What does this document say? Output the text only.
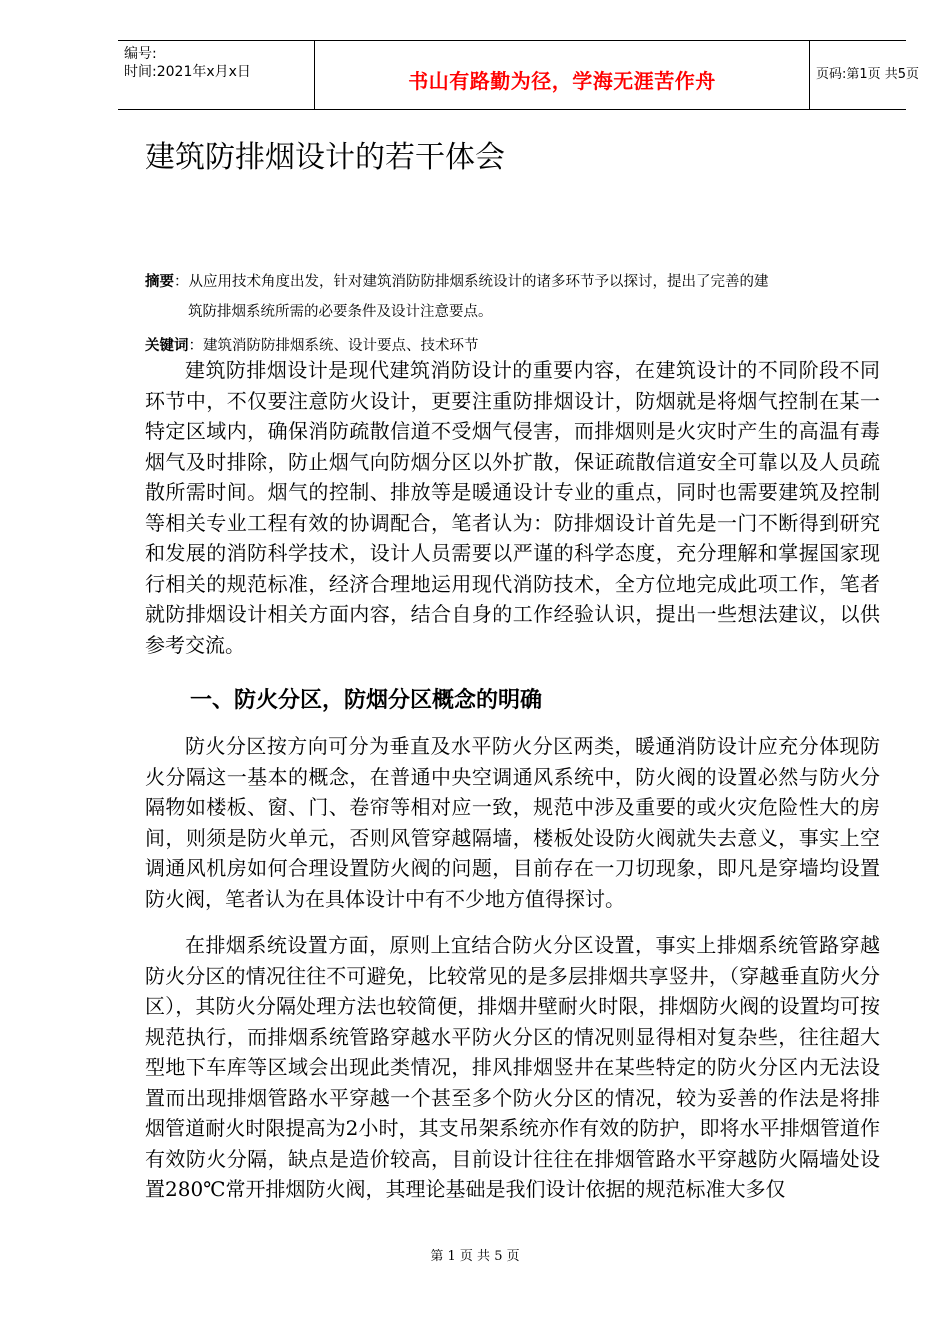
编号:
时间:2021年x月x日	书山有路勤为径，学海无涯苦作舟	页码:第1页 共5页
建筑防排烟设计的若干体会
摘要：从应用技术角度出发，针对建筑消防防排烟系统设计的诸多环节予以探讨，提出了完善的建
筑防排烟系统所需的必要条件及设计注意要点。
关键词：建筑消防防排烟系统、设计要点、技术环节

建筑防排烟设计是现代建筑消防设计的重要内容，在建筑设计的不同阶段不同环节中，不仅要注意防火设计，更要注重防排烟设计，防烟就是将烟气控制在某一特定区域内，确保消防疏散信道不受烟气侵害，而排烟则是火灾时产生的高温有毒烟气及时排除，防止烟气向防烟分区以外扩散，保证疏散信道安全可靠以及人员疏散所需时间。烟气的控制、排放等是暖通设计专业的重点，同时也需要建筑及控制等相关专业工程有效的协调配合，笔者认为：防排烟设计首先是一门不断得到研究和发展的消防科学技术，设计人员需要以严谨的科学态度，充分理解和掌握国家现行相关的规范标准，经济合理地运用现代消防技术，全方位地完成此项工作，笔者就防排烟设计相关方面内容，结合自身的工作经验认识，提出一些想法建议，以供参考交流。

一、防火分区，防烟分区概念的明确

防火分区按方向可分为垂直及水平防火分区两类，暖通消防设计应充分体现防火分隔这一基本的概念，在普通中央空调通风系统中，防火阀的设置必然与防火分隔物如楼板、窗、门、卷帘等相对应一致，规范中涉及重要的或火灾危险性大的房间，则须是防火单元，否则风管穿越隔墙，楼板处设防火阀就失去意义，事实上空调通风机房如何合理设置防火阀的问题，目前存在一刀切现象，即凡是穿墙均设置防火阀，笔者认为在具体设计中有不少地方值得探讨。

在排烟系统设置方面，原则上宜结合防火分区设置，事实上排烟系统管路穿越防火分区的情况往往不可避免，比较常见的是多层排烟共享竖井，（穿越垂直防火分区），其防火分隔处理方法也较简便，排烟井壁耐火时限，排烟防火阀的设置均可按规范执行，而排烟系统管路穿越水平防火分区的情况则显得相对复杂些，往往超大型地下车库等区域会出现此类情况，排风排烟竖井在某些特定的防火分区内无法设置而出现排烟管路水平穿越一个甚至多个防火分区的情况，较为妥善的作法是将排烟管道耐火时限提高为2小时，其支吊架系统亦作有效的防护，即将水平排烟管道作有效防火分隔，缺点是造价较高，目前设计往往在排烟管路水平穿越防火隔墙处设置280℃常开排烟防火阀，其理论基础是我们设计依据的规范标准大多仅

第 1 页 共 5 页
